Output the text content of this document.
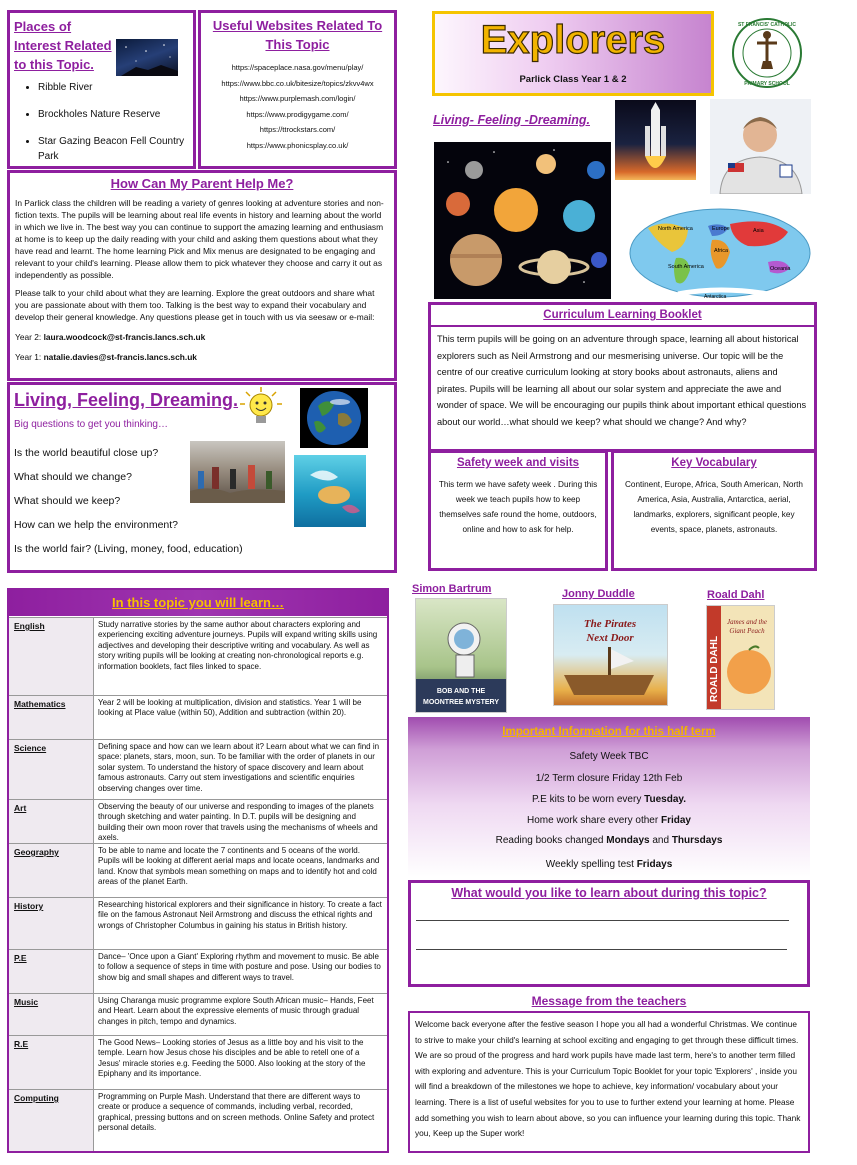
Places of Interest Related to this Topic.
• Ribble River
• Brockholes Nature Reserve
• Star Gazing Beacon Fell Country Park
Useful Websites Related To This Topic
https://spaceplace.nasa.gov/menu/play/
https://www.bbc.co.uk/bitesize/topics/zkvv4wx
https://www.purplemash.com/login/
https://www.prodigygame.com/
https://ttrockstars.com/
https://www.phonicsplay.co.uk/
How Can My Parent Help Me?

In Parlick class the children will be reading a variety of genres looking at adventure stories and non-fiction texts. The pupils will be learning about real life events in history and learning about the world in which we live in. The best way you can continue to support the amazing learning and enthusiasm at home is to keep up the daily reading with your child and asking them questions about what they have read and learnt. The home learning Pick and Mix menus are designated to be engaging and relevant to your child's learning. Please allow them to pick whatever they choose and carry it out as independently as possible.

Please talk to your child about what they are learning. Explore the great outdoors and share what you are passionate about with them too. Talking is the best way to expand their vocabulary and develop their general knowledge. Any questions please get in touch with us via seesaw or e-mail:

Year 2: laura.woodcock@st-francis.lancs.sch.uk

Year 1: natalie.davies@st-francis.lancs.sch.uk

Living, Feeling, Dreaming.
Big questions to get you thinking…
Is the world beautiful close up?
What should we change?
What should we keep?
How can we help the environment?
Is the world fair? (Living, money, food, education)
Explorers
Parlick Class Year 1 & 2
ST FRANCIS' CATHOLIC
PRIMARY SCHOOL
Living- Feeling -Dreaming.
North America	Europe	Asia
Africa
South America	Oceania
Antarctica
Curriculum Learning Booklet

This term pupils will be going on an adventure through space, learning all about historical explorers such as Neil Armstrong and our mesmerising universe. Our topic will be the centre of our creative curriculum looking at story books about astronauts, aliens and pirates. Pupils will be learning all about our solar system and appreciate the awe and wonder of space. We will be encouraging our pupils think about important ethical questions about our world…what should we keep? what should we change? And why?

Safety week and visits

This term we have safety week . During this week we teach pupils how to keep themselves safe round the home, outdoors, online and how to ask for help.

Key Vocabulary

Continent, Europe, Africa, South American, North America, Asia, Australia, Antarctica, aerial, landmarks, explorers, significant people, key events, space, planets, astronauts.

In this topic you will learn…
English	Study narrative stories by the same author about characters exploring and experiencing exciting adventure journeys. Pupils will expand writing skills using adjectives and developing their descriptive writing and vocabulary. As well as story writing pupils will be looking at creating non-chronological reports e.g. information booklets, fact files linked to space.
Mathematics	Year 2 will be looking at multiplication, division and statistics. Year 1 will be looking at Place value (within 50), Addition and subtraction (within 20).
Science	Defining space and how can we learn about it? Learn about what we can find in space: planets, stars, moon, sun. To be familiar with the order of planets in our solar system. To understand the history of space discovery and learn about famous astronauts. Carry out stem investigations and scientific enquiries observing changes over time.
Art	Observing the beauty of our universe and responding to images of the planets through sketching and water painting. In D.T. pupils will be designing and building their own moon rover that travels using the mechanisms of wheels and axels.
Geography	To be able to name and locate the 7 continents and 5 oceans of the world. Pupils will be looking at different aerial maps and locate oceans, landmarks and land. Know that symbols mean something on maps and to identify hot and cold areas of the planet Earth.
History	Researching historical explorers and their significance in history. To create a fact file on the famous Astronaut Neil Armstrong and discuss the ethical rights and wrongs of Christopher Columbus in gaining his status in British history.
P.E	Dance– 'Once upon a Giant' Exploring rhythm and movement to music. Be able to follow a sequence of steps in time with posture and pose. Using our bodies to show big and small shapes and different ways to travel.
Music	Using Charanga music programme explore South African music– Hands, Feet and Heart. Learn about the expressive elements of music through gradual changes in pitch, tempo and dynamics.
R.E	The Good News– Looking stories of Jesus as a little boy and his visit to the temple. Learn how Jesus chose his disciples and be able to retell one of a Jesus' miracle stories e.g. Feeding the 5000. Also looking at the story of the Epiphany and its importance.
Computing	Programming on Purple Mash. Understand that there are different ways to create or produce a sequence of commands, including verbal, recorded, graphical, pressing buttons and on screen methods. Online Safety and protect personal details.
Simon Bartrum	Jonny Duddle	Roald Dahl
BOB AND THE
MOONTREE MYSTERY
The Pirates
Next Door	ROALD DAHL
James and the
Giant Peach
Important Information for this half term
Safety Week TBC
1/2 Term closure Friday 12th Feb
P.E kits to be worn every Tuesday.
Home work share every other Friday
Reading books changed Mondays and Thursdays
Weekly spelling test Fridays
What would you like to learn about during this topic?
Message from the teachers

Welcome back everyone after the festive season I hope you all had a wonderful Christmas. We continue to strive to make your child's learning at school exciting and engaging to get through these difficult times. We are so proud of the progress and hard work pupils have made last term, here's to another term filled with exploring and adventure. This is your Curriculum Topic Booklet for your topic 'Explorers' , inside you will find a breakdown of the milestones we hope to achieve, key information/ vocabulary about your learning. There is a list of useful websites for you to use to further extend your learning at home. Please add something you wish to learn about above, so you can influence your learning during this topic. Thank you, Keep up the Super work!
